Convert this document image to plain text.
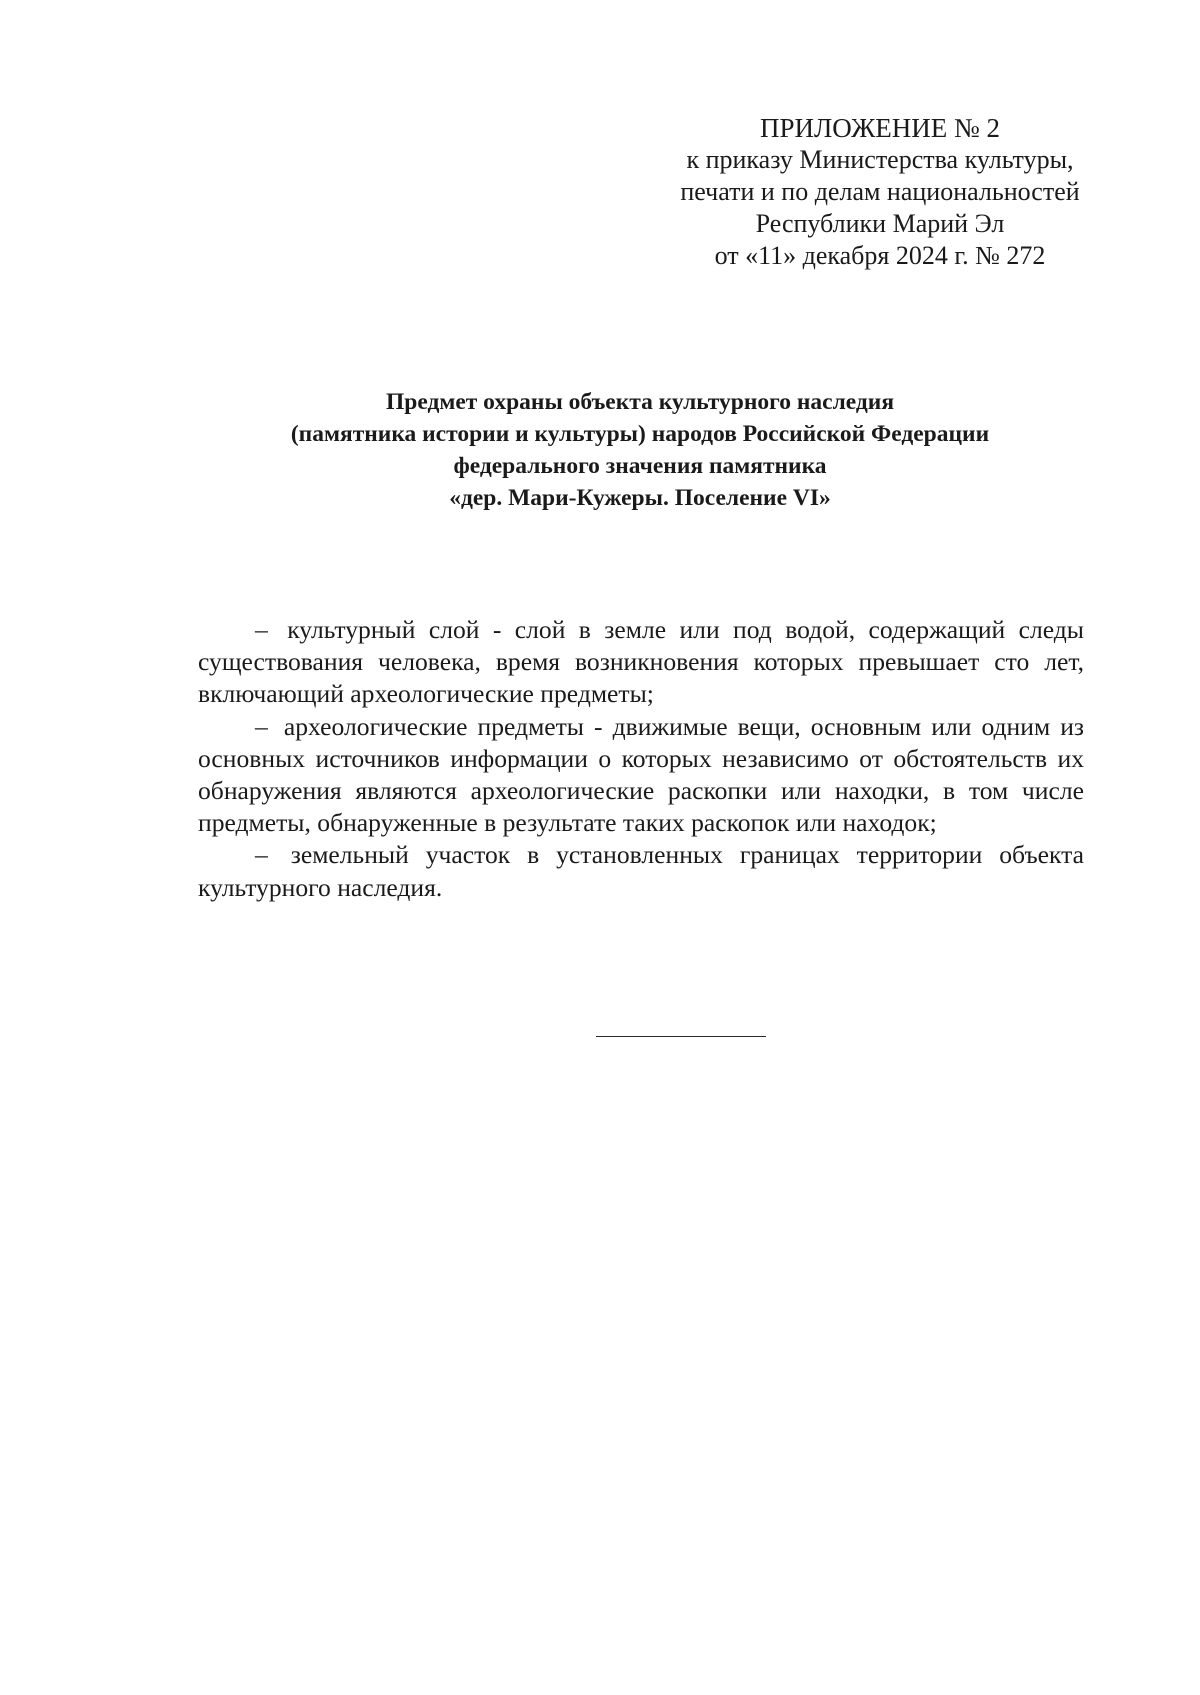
ПРИЛОЖЕНИЕ № 2
к приказу Министерства культуры,
печати и по делам национальностей
Республики Марий Эл
от «11» декабря 2024 г. № 272
Предмет охраны объекта культурного наследия
(памятника истории и культуры) народов Российской Федерации
федерального значения памятника
«дер. Мари-Кужеры. Поселение VI»

– культурный слой - слой в земле или под водой, содержащий следы существования человека, время возникновения которых превышает сто лет, включающий археологические предметы;

– археологические предметы - движимые вещи, основным или одним из основных источников информации о которых независимо от обстоятельств их обнаружения являются археологические раскопки или находки, в том числе предметы, обнаруженные в результате таких раскопок или находок;

– земельный участок в установленных границах территории объекта культурного наследия.
